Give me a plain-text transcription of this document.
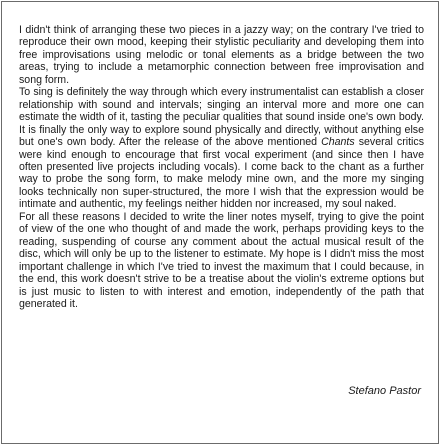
I didn't think of arranging these two pieces in a jazzy way; on the contrary I've tried to reproduce their own mood, keeping their stylistic peculiarity and developing them into free improvisations using melodic or tonal elements as a bridge between the two areas, trying to include a metamorphic connection between free improvisation and song form.

To sing is definitely the way through which every instrumentalist can establish a closer relationship with sound and intervals; singing an interval more and more one can estimate the width of it, tasting the peculiar qualities that sound inside one's own body. It is finally the only way to explore sound physically and directly, without anything else but one's own body. After the release of the above mentioned Chants several critics were kind enough to encourage that first vocal experiment (and since then I have often presented live projects including vocals). I come back to the chant as a further way to probe the song form, to make melody mine own, and the more my singing looks technically non super-structured, the more I wish that the expression would be intimate and authentic, my feelings neither hidden nor increased, my soul naked.

For all these reasons I decided to write the liner notes myself, trying to give the point of view of the one who thought of and made the work, perhaps providing keys to the reading, suspending of course any comment about the actual musical result of the disc, which will only be up to the listener to estimate. My hope is I didn't miss the most important challenge in which I've tried to invest the maximum that I could because, in the end, this work doesn't strive to be a treatise about the violin's extreme options but is just music to listen to with interest and emotion, independently of the path that generated it.

Stefano Pastor
